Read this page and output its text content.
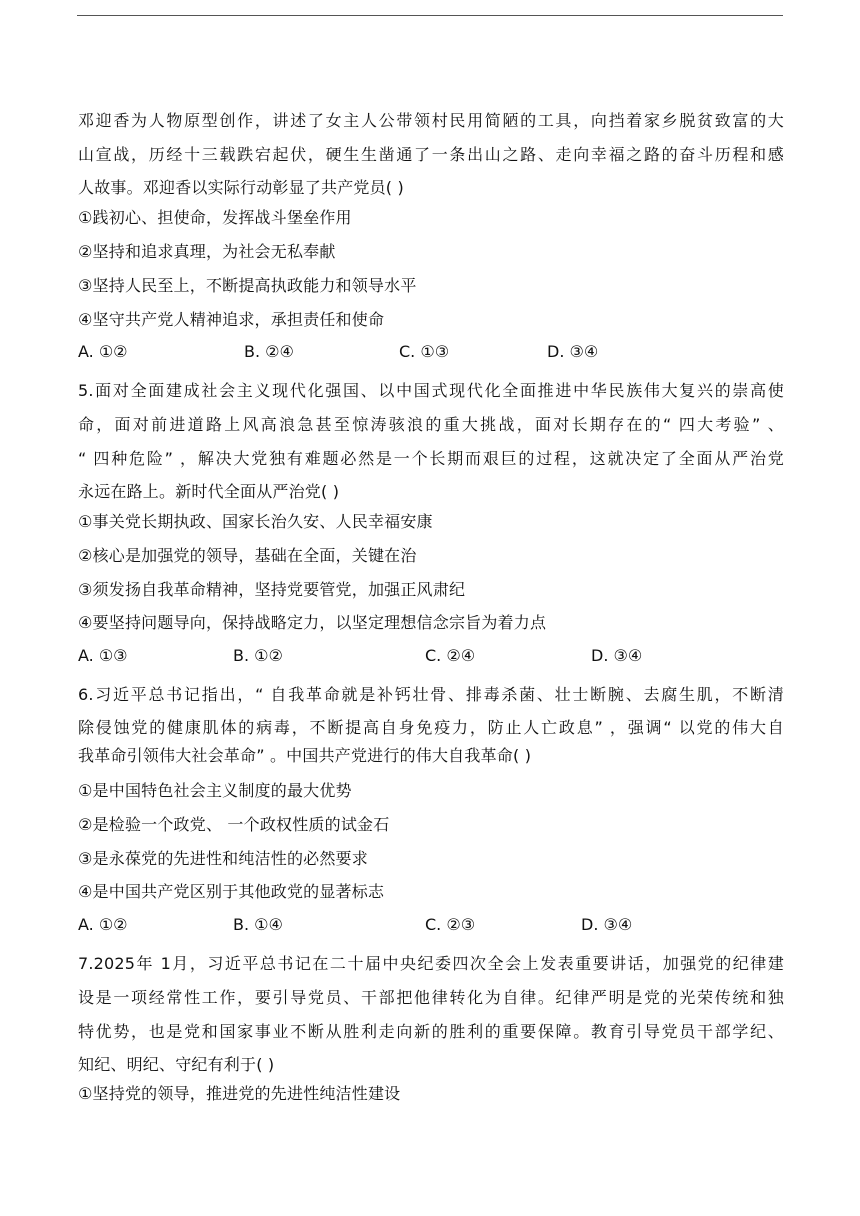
邓迎香为人物原型创作，讲述了女主人公带领村民用简陋的工具，向挡着家乡脱贫致富的大
山宣战，历经十三载跌宕起伏，硬生生凿通了一条出山之路、走向幸福之路的奋斗历程和感
人故事。邓迎香以实际行动彰显了共产党员( )
①践初心、担使命，发挥战斗堡垒作用
②坚持和追求真理，为社会无私奉献
③坚持人民至上，不断提高执政能力和领导水平
④坚守共产党人精神追求，承担责任和使命
A. ①②	B. ②④	C. ①③	D. ③④
5.面对全面建成社会主义现代化强国、以中国式现代化全面推进中华民族伟大复兴的崇高使
命，面对前进道路上风高浪急甚至惊涛骇浪的重大挑战，面对长期存在的“ 四大考验” 、
“ 四种危险” ，解决大党独有难题必然是一个长期而艰巨的过程，这就决定了全面从严治党
永远在路上。新时代全面从严治党( )
①事关党长期执政、国家长治久安、人民幸福安康
②核心是加强党的领导，基础在全面，关键在治
③须发扬自我革命精神，坚持党要管党，加强正风肃纪
④要坚持问题导向，保持战略定力，以坚定理想信念宗旨为着力点
A. ①③	B. ①②	C. ②④	D. ③④
6.习近平总书记指出，“ 自我革命就是补钙壮骨、排毒杀菌、壮士断腕、去腐生肌，不断清
除侵蚀党的健康肌体的病毒，不断提高自身免疫力，防止人亡政息” ，强调“ 以党的伟大自
我革命引领伟大社会革命” 。中国共产党进行的伟大自我革命( )
①是中国特色社会主义制度的最大优势
②是检验一个政党、 一个政权性质的试金石
③是永葆党的先进性和纯洁性的必然要求
④是中国共产党区别于其他政党的显著标志
A. ①②	B. ①④	C. ②③	D. ③④
7.2025年 1月，习近平总书记在二十届中央纪委四次全会上发表重要讲话，加强党的纪律建
设是一项经常性工作，要引导党员、干部把他律转化为自律。纪律严明是党的光荣传统和独
特优势，也是党和国家事业不断从胜利走向新的胜利的重要保障。教育引导党员干部学纪、
知纪、明纪、守纪有利于( )
①坚持党的领导，推进党的先进性纯洁性建设
